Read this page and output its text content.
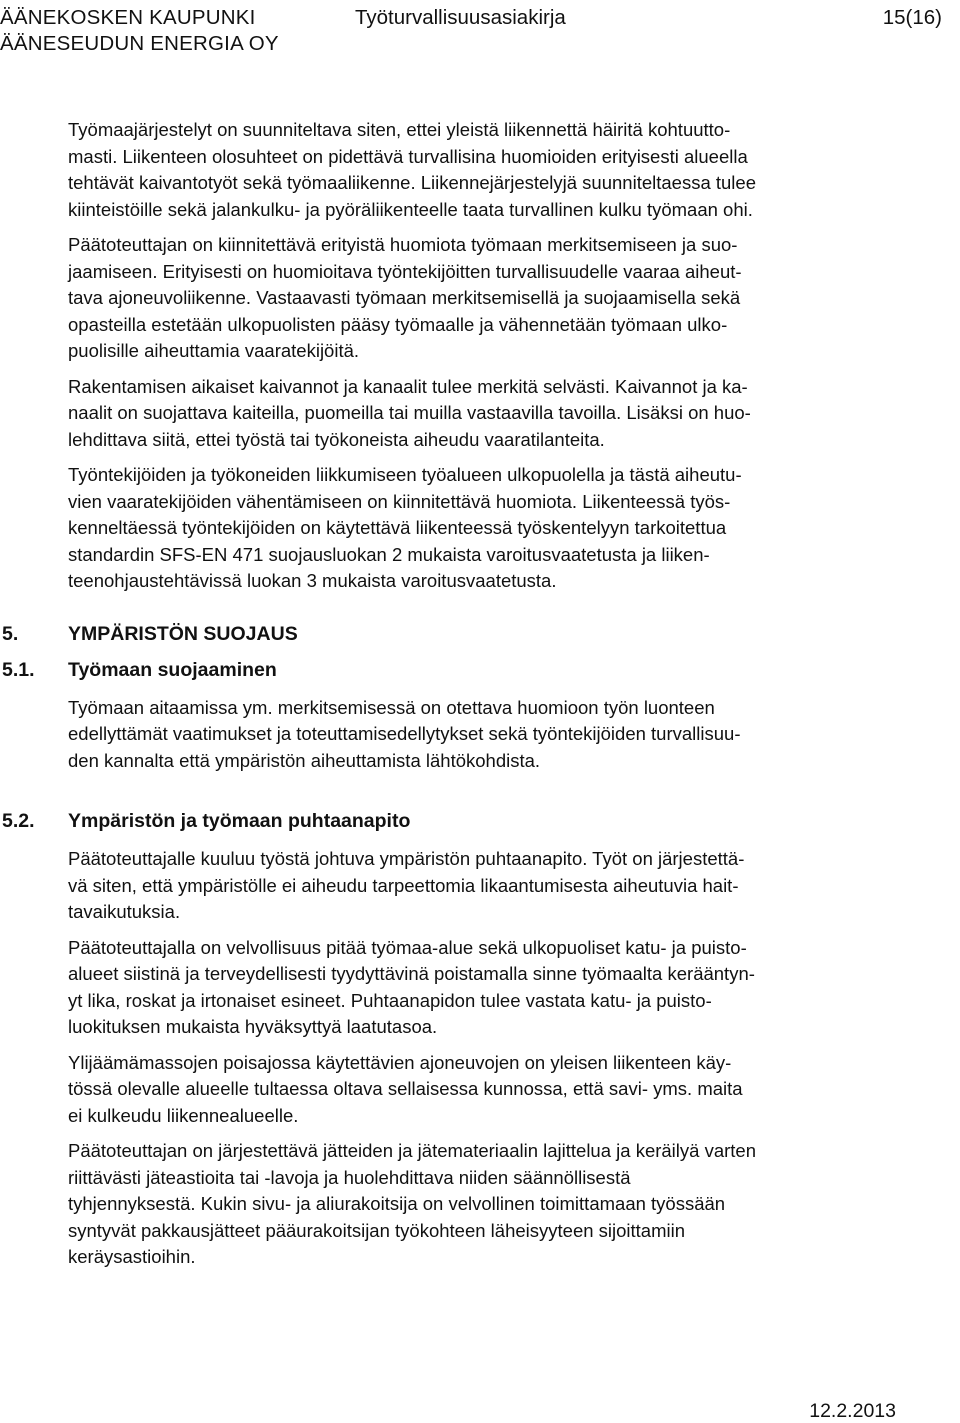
ÄÄNEKOSKEN KAUPUNKI
ÄÄNESEUDUN ENERGIA OY
Työturvallisuusasiakirja	15(16)

Työmaajärjestelyt on suunniteltava siten, ettei yleistä liikennettä häiritä kohtuutto-
masti. Liikenteen olosuhteet on pidettävä turvallisina huomioiden erityisesti alueella
tehtävät kaivantotyöt sekä työmaaliikenne. Liikennejärjestelyjä suunniteltaessa tulee
kiinteistöille sekä jalankulku- ja pyöräliikenteelle taata turvallinen kulku työmaan ohi.

Päätoteuttajan on kiinnitettävä erityistä huomiota työmaan merkitsemiseen ja suo-
jaamiseen. Erityisesti on huomioitava työntekijöitten turvallisuudelle vaaraa aiheut-
tava ajoneuvoliikenne. Vastaavasti työmaan merkitsemisellä ja suojaamisella sekä
opasteilla estetään ulkopuolisten pääsy työmaalle ja vähennetään työmaan ulko-
puolisille aiheuttamia vaaratekijöitä.

Rakentamisen aikaiset kaivannot ja kanaalit tulee merkitä selvästi. Kaivannot ja ka-
naalit on suojattava kaiteilla, puomeilla tai muilla vastaavilla tavoilla. Lisäksi on huo-
lehdittava siitä, ettei työstä tai työkoneista aiheudu vaaratilanteita.

Työntekijöiden ja työkoneiden liikkumiseen työalueen ulkopuolella ja tästä aiheutu-
vien vaaratekijöiden vähentämiseen on kiinnitettävä huomiota. Liikenteessä työs-
kenneltäessä työntekijöiden on käytettävä liikenteessä työskentelyyn tarkoitettua
standardin SFS-EN 471 suojausluokan 2 mukaista varoitusvaatetusta ja liiken-
teenohjaustehtävissä luokan 3 mukaista varoitusvaatetusta.

5.	YMPÄRISTÖN SUOJAUS
5.1. Työmaan suojaaminen

Työmaan aitaamissa ym. merkitsemisessä on otettava huomioon työn luonteen
edellyttämät vaatimukset ja toteuttamisedellytykset sekä työntekijöiden turvallisuu-
den kannalta että ympäristön aiheuttamista lähtökohdista.

5.2. Ympäristön ja työmaan puhtaanapito

Päätoteuttajalle kuuluu työstä johtuva ympäristön puhtaanapito. Työt on järjestettä-
vä siten, että ympäristölle ei aiheudu tarpeettomia likaantumisesta aiheutuvia hait-
tavaikutuksia.

Päätoteuttajalla on velvollisuus pitää työmaa-alue sekä ulkopuoliset katu- ja puisto-
alueet siistinä ja terveydellisesti tyydyttävinä poistamalla sinne työmaalta kerääntyn-
yt lika, roskat ja irtonaiset esineet. Puhtaanapidon tulee vastata katu- ja puisto-
luokituksen mukaista hyväksyttyä laatutasoa.

Ylijäämämassojen poisajossa käytettävien ajoneuvojen on yleisen liikenteen käy-
tössä olevalle alueelle tultaessa oltava sellaisessa kunnossa, että savi- yms. maita
ei kulkeudu liikennealueelle.

Päätoteuttajan on järjestettävä jätteiden ja jätemateriaalin lajittelua ja keräilyä varten
riittävästi jäteastioita tai -lavoja ja huolehdittava niiden säännöllisestä
tyhjennyksestä. Kukin sivu- ja aliurakoitsija on velvollinen toimittamaan työssään
syntyvät pakkausjätteet pääurakoitsijan työkohteen läheisyyteen sijoittamiin
keräysastioihin.

12.2.2013
